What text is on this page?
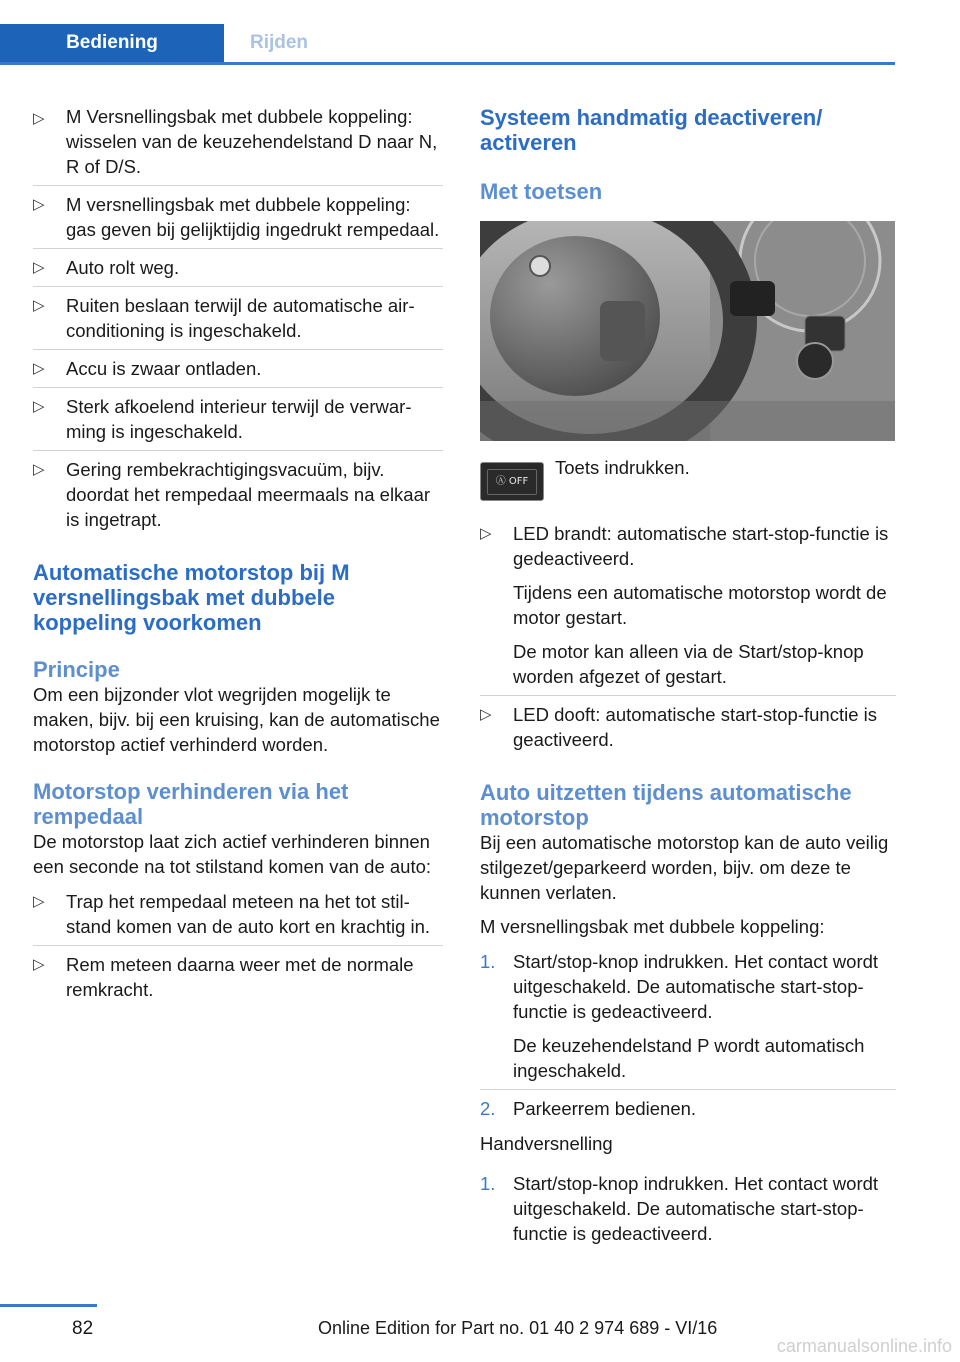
Bediening	Rijden
▷ M Versnellingsbak met dubbele koppeling: wisselen van de keuzehendelstand D naar N, R of D/S.

▷ M versnellingsbak met dubbele koppeling: gas geven bij gelijktijdig ingedrukt rempedaal.

▷ Auto rolt weg.

▷ Ruiten beslaan terwijl de automatische airconditioning is ingeschakeld.

▷ Accu is zwaar ontladen.

▷ Sterk afkoelend interieur terwijl de verwarming is ingeschakeld.

▷ Gering rembekrachtigingsvacuüm, bijv. doordat het rempedaal meermaals na elkaar is ingetrapt.

Automatische motorstop bij M versnellingsbak met dubbele koppeling voorkomen
Principe

Om een bijzonder vlot wegrijden mogelijk te maken, bijv. bij een kruising, kan de automatische motorstop actief verhinderd worden.

Motorstop verhinderen via het rempedaal

De motorstop laat zich actief verhinderen binnen een seconde na tot stilstand komen van de auto:

▷ Trap het rempedaal meteen na het tot stilstand komen van de auto kort en krachtig in.

▷ Rem meteen daarna weer met de normale remkracht.

Systeem handmatig deactiveren/ activeren
Met toetsen
Ⓐ OFF
Toets indrukken.
▷ LED brandt: automatische start-stop-functie is gedeactiveerd.

Tijdens een automatische motorstop wordt de motor gestart.

De motor kan alleen via de Start/stop-knop worden afgezet of gestart.

▷ LED dooft: automatische start-stop-functie is geactiveerd.

Auto uitzetten tijdens automatische motorstop

Bij een automatische motorstop kan de auto veilig stilgezet/geparkeerd worden, bijv. om deze te kunnen verlaten.

M versnellingsbak met dubbele koppeling:

1. Start/stop-knop indrukken. Het contact wordt uitgeschakeld. De automatische start-stop-functie is gedeactiveerd.

De keuzehendelstand P wordt automatisch ingeschakeld.

2. Parkeerrem bedienen.

Handversnelling

1. Start/stop-knop indrukken. Het contact wordt uitgeschakeld. De automatische start-stop-functie is gedeactiveerd.

82	Online Edition for Part no. 01 40 2 974 689 - VI/16
carmanualsonline.info
